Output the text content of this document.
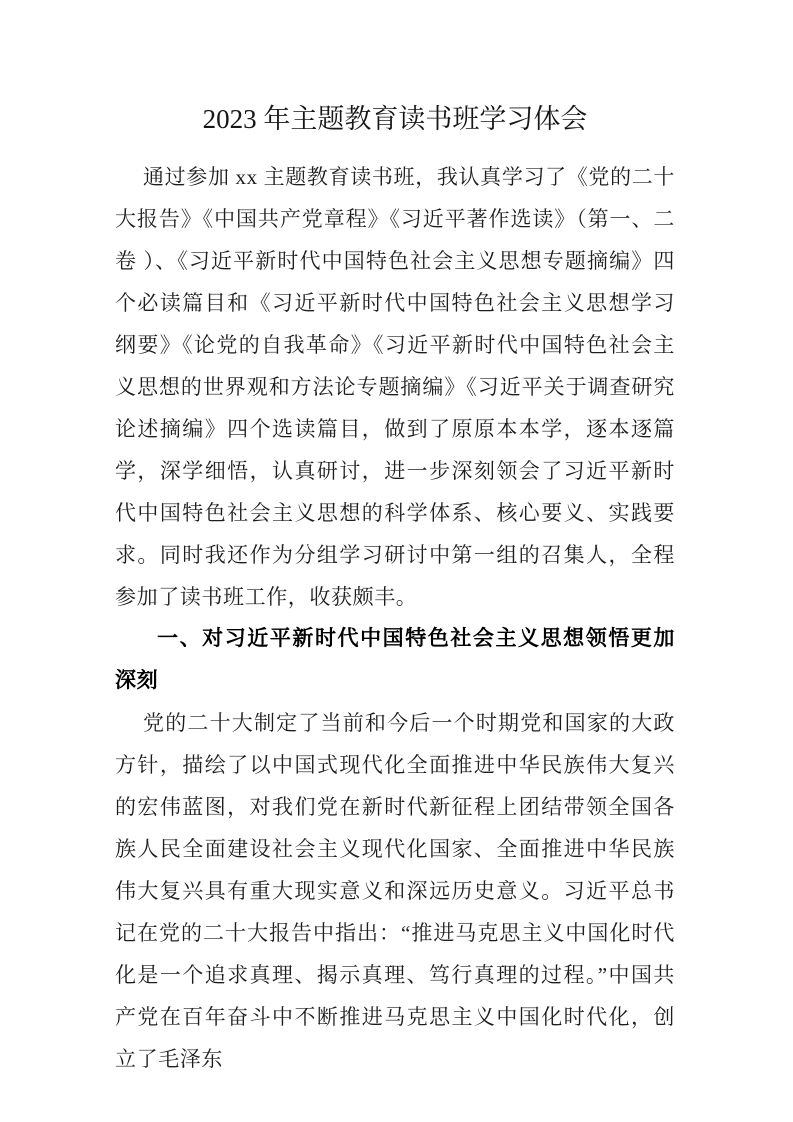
2023 年主题教育读书班学习体会

通过参加 xx 主题教育读书班，我认真学习了《党的二十大报告》《中国共产党章程》《习近平著作选读》（第一、二卷 ）、《习近平新时代中国特色社会主义思想专题摘编》四个必读篇目和《习近平新时代中国特色社会主义思想学习纲要》《论党的自我革命》《习近平新时代中国特色社会主义思想的世界观和方法论专题摘编》《习近平关于调查研究论述摘编》四个选读篇目，做到了原原本本学，逐本逐篇学，深学细悟，认真研讨，进一步深刻领会了习近平新时代中国特色社会主义思想的科学体系、核心要义、实践要求。同时我还作为分组学习研讨中第一组的召集人，全程参加了读书班工作，收获颇丰。

一、对习近平新时代中国特色社会主义思想领悟更加深刻

党的二十大制定了当前和今后一个时期党和国家的大政方针，描绘了以中国式现代化全面推进中华民族伟大复兴的宏伟蓝图，对我们党在新时代新征程上团结带领全国各族人民全面建设社会主义现代化国家、全面推进中华民族伟大复兴具有重大现实意义和深远历史意义。习近平总书记在党的二十大报告中指出：“推进马克思主义中国化时代化是一个追求真理、揭示真理、笃行真理的过程。”中国共产党在百年奋斗中不断推进马克思主义中国化时代化，创立了毛泽东
